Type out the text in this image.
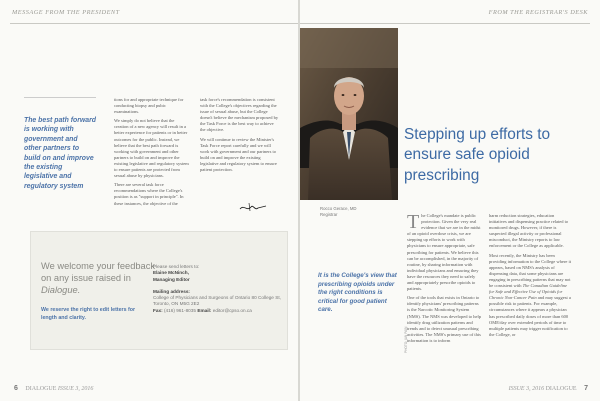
MESSAGE FROM THE PRESIDENT
The best path forward is working with government and other partners to build on and improve the existing legislative and regulatory system

tions for and appropriate technique for conducting biopsy and pubic examinations.

We simply do not believe that the creation of a new agency will result in a better experience for patients or in better outcomes for the public. Instead, we believe that the best path forward is working with government and other partners to build on and improve the existing legislative and regulatory system to ensure patients are protected from sexual abuse by physicians.

There are several task force recommendations where the College's position is as "support in principle". In these instances, the objective of the

task force's recommendation is consistent with the College's objectives regarding the issue of sexual abuse, but the College doesn't believe the mechanism proposed by the Task Force is the best way to achieve the objective.

We will continue to review the Minister's Task Force report carefully and we will work with government and our partners to build on and improve the existing legislative and regulatory system to ensure patient protection.

We welcome your feedback on any issue raised in Dialogue.
We reserve the right to edit letters for length and clarity.
Please send letters to:
Elaine McNinch,
Managing Editor
Mailing address:
College of Physicians and Surgeons of Ontario 80 College St, Toronto, ON M5G 2E2
Fax: (416) 961-8035 Email: editor@cpso.on.ca
6 DIALOGUE ISSUE 3, 2016
FROM THE REGISTRAR'S DESK
Rocco Gerace, MD
Registrar
Stepping up efforts to ensure safe opioid prescribing
It is the College's view that prescribing opioids under the right conditions is critical for good patient care.
PHOTO: IAN PAIN

The College's mandate is public protection. Given the very real evidence that we are in the midst of an opioid overdose crisis, we are stepping up efforts to work with physicians to ensure appropriate, safe prescribing for patients. We believe this can be accomplished, in the majority of routine, by sharing information with individual physicians and ensuring they have the resources they need to safely and appropriately prescribe opioids to patients.

One of the tools that exists in Ontario to identify physicians' prescribing patterns is the Narcotic Monitoring System (NMS). The NMS was developed to help identify drug utilization patterns and trends and to detect unusual prescribing activities. The NMS's primary use of this information is to inform

harm reduction strategies, education initiatives and dispensing practice related to monitored drugs. However, if there is suspected illegal activity or professional misconduct, the Ministry reports to law enforcement or the College as applicable.

Most recently, the Ministry has been providing information to the College where it appears, based on NMS's analysis of dispensing data, that some physicians are engaging in prescribing patterns that may not be consistent with The Canadian Guideline for Safe and Effective Use of Opioids for Chronic Non-Cancer Pain and may suggest a possible risk to patients. For example, circumstances where it appears a physician has prescribed daily doses of more than 600 OME/day over extended periods of time to multiple patients may trigger notification to the College, or

ISSUE 3, 2016 DIALOGUE 7
